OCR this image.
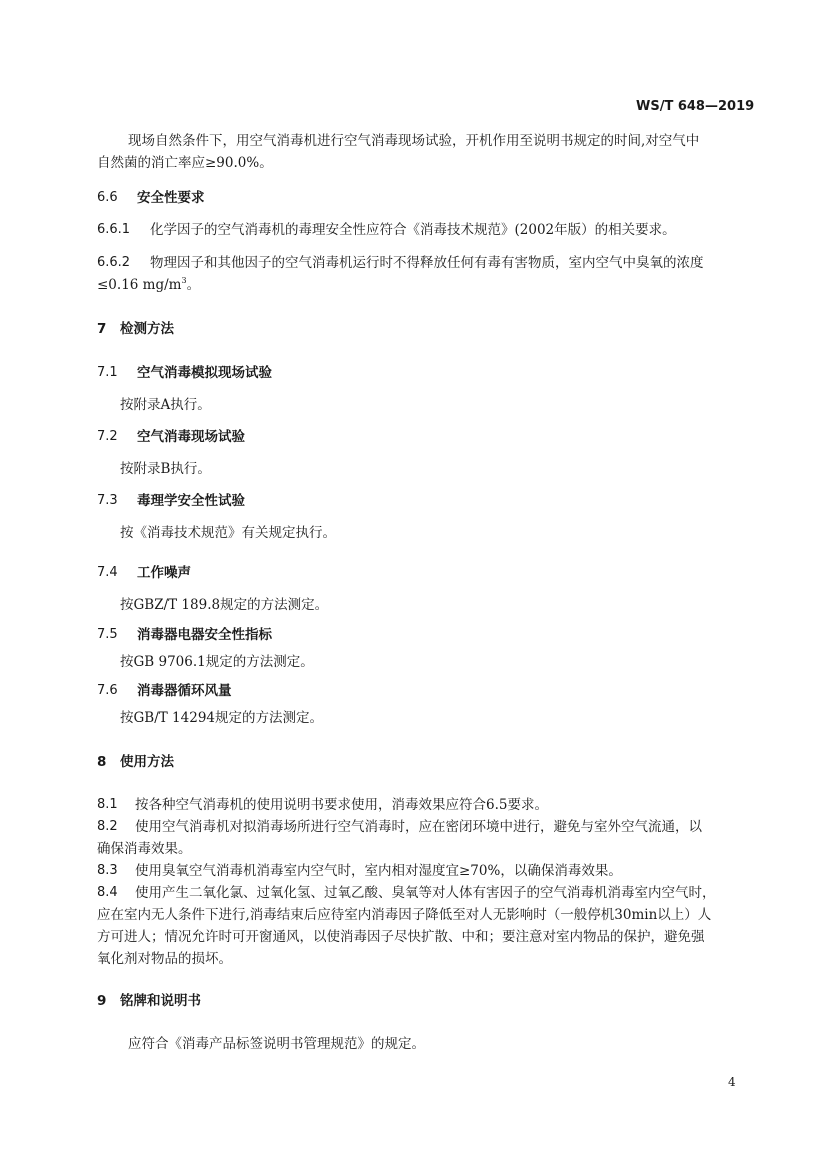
WS/T 648—2019
现场自然条件下，用空气消毒机进行空气消毒现场试验，开机作用至说明书规定的时间,对空气中
自然菌的消亡率应≥90.0%。
6.6 安全性要求
6.6.1 化学因子的空气消毒机的毒理安全性应符合《消毒技术规范》(2002年版）的相关要求。
6.6.2 物理因子和其他因子的空气消毒机运行时不得释放任何有毒有害物质，室内空气中臭氧的浓度
≤0.16 $mg/m^3$。
7 检测方法
7.1 空气消毒模拟现场试验
按附录A执行。
7.2 空气消毒现场试验
按附录B执行。
7.3 毒理学安全性试验
按《消毒技术规范》有关规定执行。
7.4 工作噪声
按GBZ/T 189.8规定的方法测定。
7.5 消毒器电器安全性指标
按GB 9706.1规定的方法测定。
7.6 消毒器循环风量
按GB/T 14294规定的方法测定。
8 使用方法
8.1 按各种空气消毒机的使用说明书要求使用，消毒效果应符合6.5要求。
8.2 使用空气消毒机对拟消毒场所进行空气消毒时，应在密闭环境中进行，避免与室外空气流通，以
确保消毒效果。
8.3 使用臭氧空气消毒机消毒室内空气时，室内相对湿度宜≥70%，以确保消毒效果。
8.4 使用产生二氧化氯、过氧化氢、过氧乙酸、臭氧等对人体有害因子的空气消毒机消毒室内空气时，
应在室内无人条件下进行,消毒结束后应待室内消毒因子降低至对人无影响时（一般停机30min以上）人
方可进人；情况允许时可开窗通风，以使消毒因子尽快扩散、中和；要注意对室内物品的保护，避免强
氧化剂对物品的损坏。
9 铭牌和说明书
应符合《消毒产品标签说明书管理规范》的规定。
4
